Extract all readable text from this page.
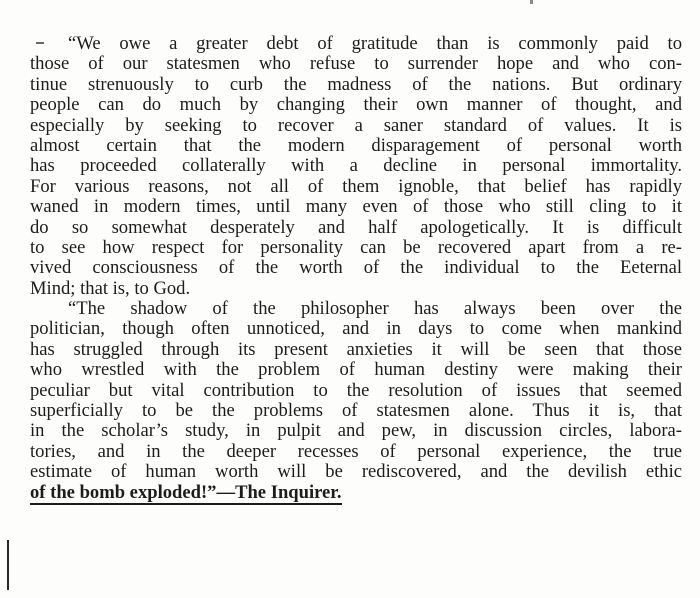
“We owe a greater debt of gratitude than is commonly paid to
those of our statesmen who refuse to surrender hope and who con-
tinue strenuously to curb the madness of the nations. But ordinary
people can do much by changing their own manner of thought, and
especially by seeking to recover a saner standard of values. It is
almost certain that the modern disparagement of personal worth
has proceeded collaterally with a decline in personal immortality.
For various reasons, not all of them ignoble, that belief has rapidly
waned in modern times, until many even of those who still cling to it
do so somewhat desperately and half apologetically. It is difficult
to see how respect for personality can be recovered apart from a re-
vived consciousness of the worth of the individual to the Eeternal
Mind; that is, to God.
“The shadow of the philosopher has always been over the
politician, though often unnoticed, and in days to come when mankind
has struggled through its present anxieties it will be seen that those
who wrestled with the problem of human destiny were making their
peculiar but vital contribution to the resolution of issues that seemed
superficially to be the problems of statesmen alone. Thus it is, that
in the scholar’s study, in pulpit and pew, in discussion circles, labora-
tories, and in the deeper recesses of personal experience, the true
estimate of human worth will be rediscovered, and the devilish ethic
of the bomb exploded!”—The Inquirer.
